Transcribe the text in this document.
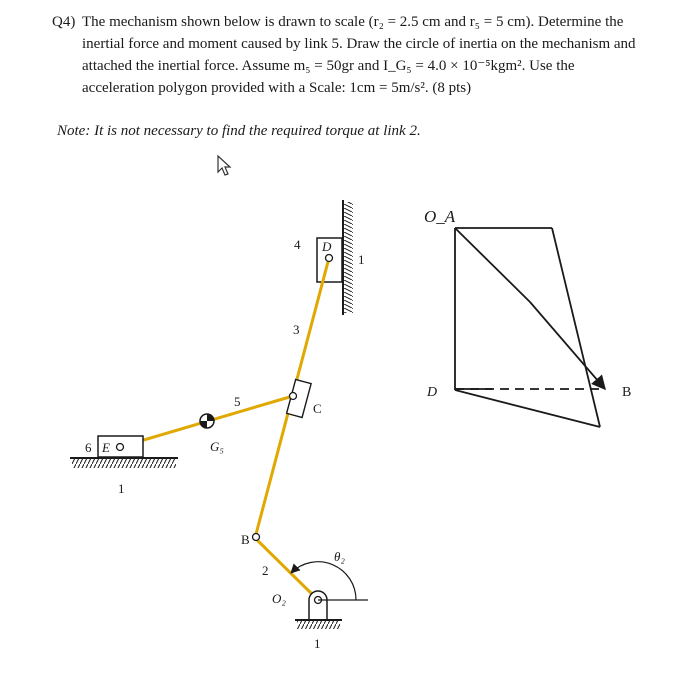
Q4) The mechanism shown below is drawn to scale (r₂ = 2.5 cm and r₅ = 5 cm). Determine the
inertial force and moment caused by link 5. Draw the circle of inertia on the mechanism and
attached the inertial force. Assume m₅ = 50gr and I_G₅ = 4.0 × 10⁻⁵kgm². Use the
acceleration polygon provided with a Scale: 1cm = 5m/s². (8 pts)
Note: It is not necessary to find the required torque at link 2.
4 D
1
3
5	C
6 E	G₅
1
B
2
θ₂
O₂
1
O_A
D	B
